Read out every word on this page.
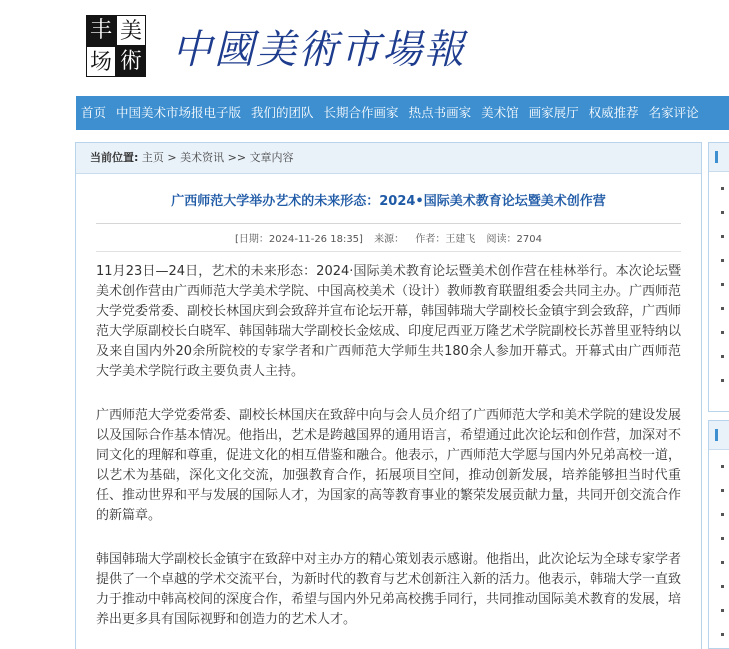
丰 美
场 術 中國美術市場報
首页 中国美术市场报电子版 我们的团队 长期合作画家 热点书画家 美术馆 画家展厅 权威推荐 名家评论
当前位置: 主页 > 美术资讯 >> 文章内容
广西师范大学举办艺术的未来形态：2024•国际美术教育论坛暨美术创作营
[日期：2024-11-26 18:35] 来源： 作者：王建飞 阅读：2704

11月23日—24日，艺术的未来形态：2024·国际美术教育论坛暨美术创作营在桂林举行。本次论坛暨美术创作营由广西师范大学美术学院、中国高校美术（设计）教师教育联盟组委会共同主办。广西师范大学党委常委、副校长林国庆到会致辞并宣布论坛开幕，韩国韩瑞大学副校长金镇宇到会致辞，广西师范大学原副校长白晓军、韩国韩瑞大学副校长金炫成、印度尼西亚万隆艺术学院副校长苏普里亚特纳以及来自国内外20余所院校的专家学者和广西师范大学师生共180余人参加开幕式。开幕式由广西师范大学美术学院行政主要负责人主持。

广西师范大学党委常委、副校长林国庆在致辞中向与会人员介绍了广西师范大学和美术学院的建设发展以及国际合作基本情况。他指出，艺术是跨越国界的通用语言，希望通过此次论坛和创作营，加深对不同文化的理解和尊重，促进文化的相互借鉴和融合。他表示，广西师范大学愿与国内外兄弟高校一道，以艺术为基础，深化文化交流，加强教育合作，拓展项目空间，推动创新发展，培养能够担当时代重任、推动世界和平与发展的国际人才，为国家的高等教育事业的繁荣发展贡献力量，共同开创交流合作的新篇章。

韩国韩瑞大学副校长金镇宇在致辞中对主办方的精心策划表示感谢。他指出，此次论坛为全球专家学者提供了一个卓越的学术交流平台，为新时代的教育与艺术创新注入新的活力。他表示，韩瑞大学一直致力于推动中韩高校间的深度合作，希望与国内外兄弟高校携手同行，共同推动国际美术教育的发展，培养出更多具有国际视野和创造力的艺术人才。
